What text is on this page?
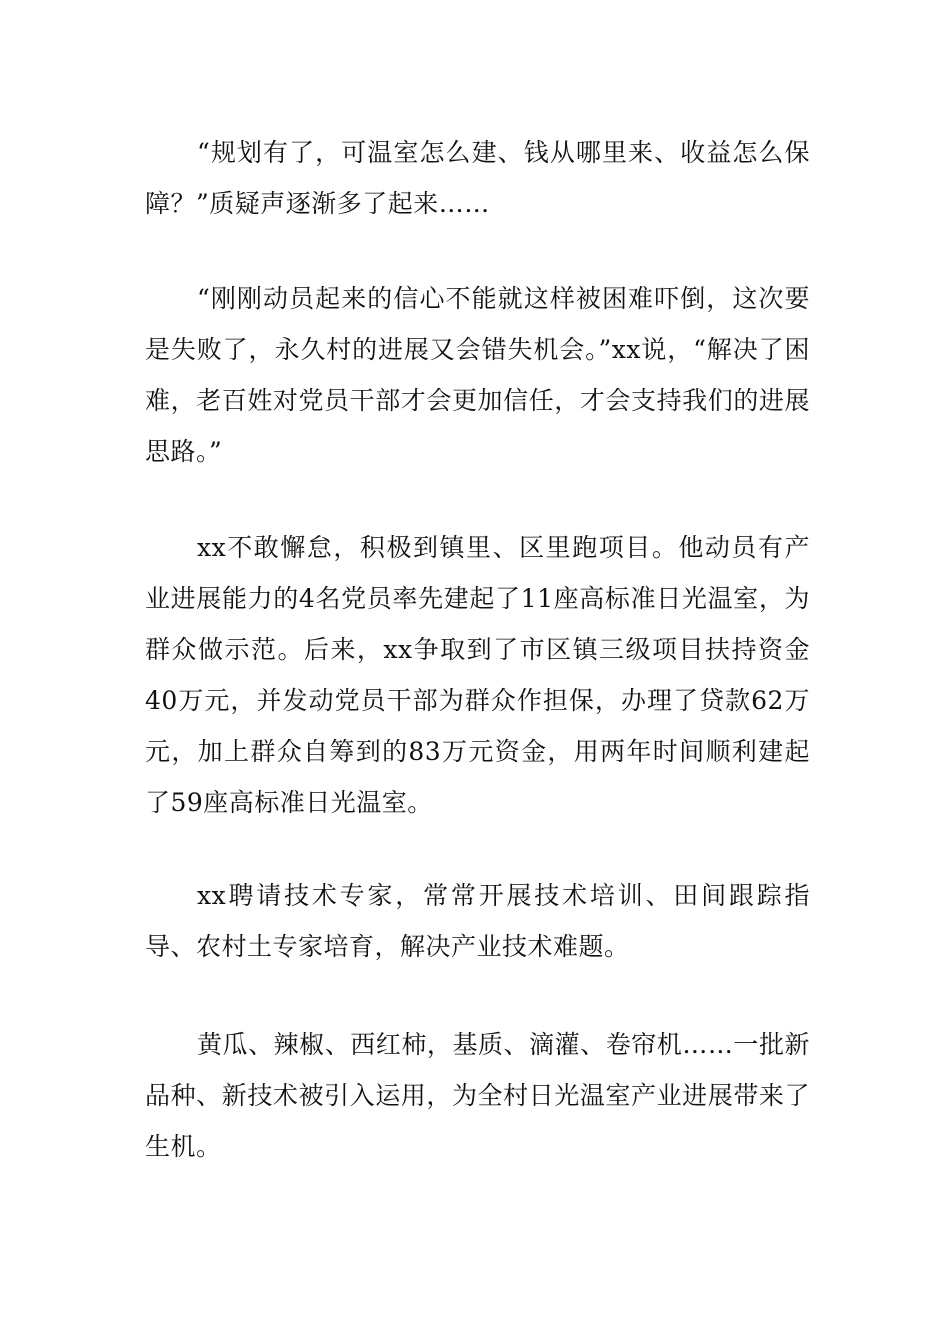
“规划有了，可温室怎么建、钱从哪里来、收益怎么保障？”质疑声逐渐多了起来……

“刚刚动员起来的信心不能就这样被困难吓倒，这次要是失败了，永久村的进展又会错失机会。”xx说，“解决了困难，老百姓对党员干部才会更加信任，才会支持我们的进展思路。”

xx不敢懈怠，积极到镇里、区里跑项目。他动员有产业进展能力的4名党员率先建起了11座高标准日光温室，为群众做示范。后来，xx争取到了市区镇三级项目扶持资金40万元，并发动党员干部为群众作担保，办理了贷款62万元，加上群众自筹到的83万元资金，用两年时间顺利建起了59座高标准日光温室。

xx聘请技术专家，常常开展技术培训、田间跟踪指导、农村土专家培育，解决产业技术难题。

黄瓜、辣椒、西红柿，基质、滴灌、卷帘机……一批新品种、新技术被引入运用，为全村日光温室产业进展带来了生机。
